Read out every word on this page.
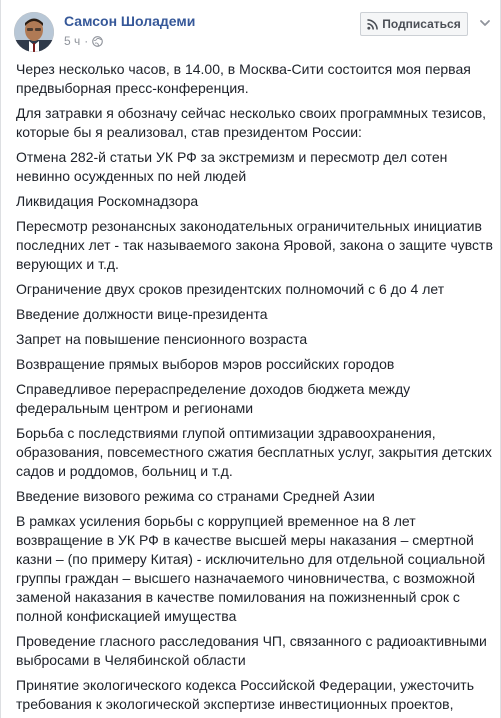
Самсон Шоладеми
5 ч ·
Подписаться

Через несколько часов, в 14.00, в Москва-Сити состоится моя первая предвыборная пресс-конференция.

Для затравки я обозначу сейчас несколько своих программных тезисов, которые бы я реализовал, став президентом России:

Отмена 282-й статьи УК РФ за экстремизм и пересмотр дел сотен невинно осужденных по ней людей

Ликвидация Роскомнадзора

Пересмотр резонансных законодательных ограничительных инициатив последних лет - так называемого закона Яровой, закона о защите чувств верующих и т.д.

Ограничение двух сроков президентских полномочий с 6 до 4 лет

Введение должности вице-президента

Запрет на повышение пенсионного возраста

Возвращение прямых выборов мэров российских городов

Справедливое перераспределение доходов бюджета между федеральным центром и регионами

Борьба с последствиями глупой оптимизации здравоохранения, образования, повсеместного сжатия бесплатных услуг, закрытия детских садов и роддомов, больниц и т.д.

Введение визового режима со странами Средней Азии

В рамках усиления борьбы с коррупцией временное на 8 лет возвращение в УК РФ в качестве высшей меры наказания – смертной казни – (по примеру Китая) - исключительно для отдельной социальной группы граждан – высшего назначаемого чиновничества, с возможной заменой наказания в качестве помилования на пожизненный срок с полной конфискацией имущества

Проведение гласного расследования ЧП, связанного с радиоактивными выбросами в Челябинской области

Принятие экологического кодекса Российской Федерации, ужесточить требования к экологической экспертизе инвестиционных проектов,
